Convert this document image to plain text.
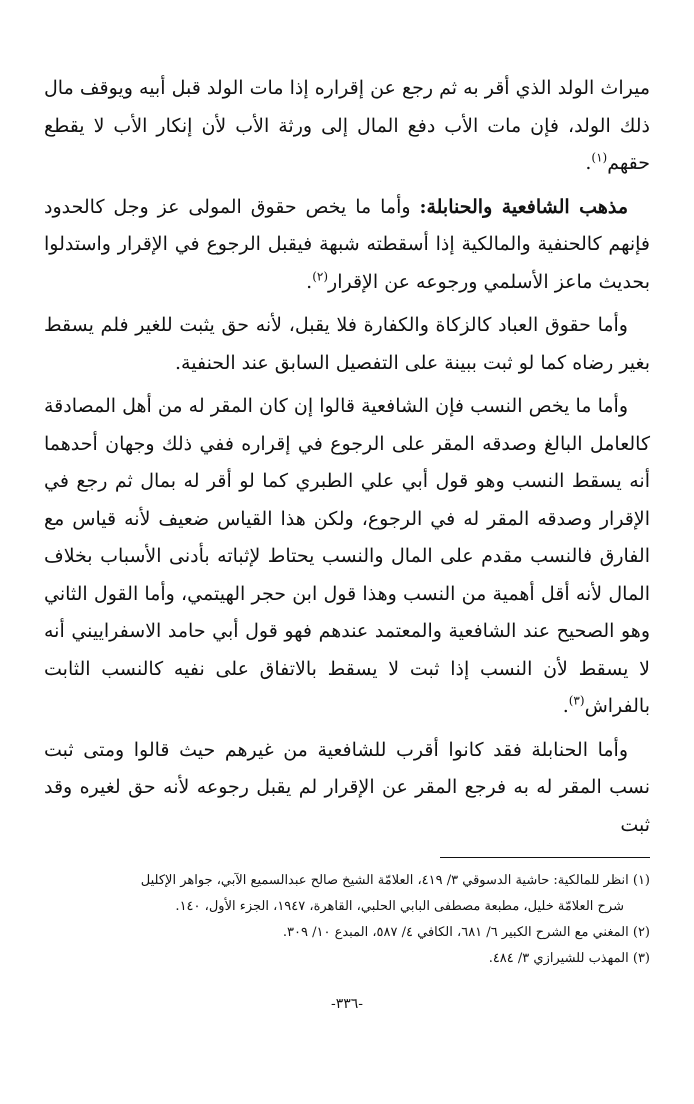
ميراث الولد الذي أقر به ثم رجع عن إقراره إذا مات الولد قبل أبيه ويوقف مال ذلك الولد، فإن مات الأب دفع المال إلى ورثة الأب لأن إنكار الأب لا يقطع حقهم$^{(١)}$.

مذهب الشافعية والحنابلة: وأما ما يخص حقوق المولى عز وجل كالحدود فإنهم كالحنفية والمالكية إذا أسقطته شبهة فيقبل الرجوع في الإقرار واستدلوا بحديث ماعز الأسلمي ورجوعه عن الإقرار$^{(٢)}$.

وأما حقوق العباد كالزكاة والكفارة فلا يقبل، لأنه حق يثبت للغير فلم يسقط بغير رضاه كما لو ثبت ببينة على التفصيل السابق عند الحنفية.

وأما ما يخص النسب فإن الشافعية قالوا إن كان المقر له من أهل المصادقة كالعامل البالغ وصدقه المقر على الرجوع في إقراره ففي ذلك وجهان أحدهما أنه يسقط النسب وهو قول أبي علي الطبري كما لو أقر له بمال ثم رجع في الإقرار وصدقه المقر له في الرجوع، ولكن هذا القياس ضعيف لأنه قياس مع الفارق فالنسب مقدم على المال والنسب يحتاط لإثباته بأدنى الأسباب بخلاف المال لأنه أقل أهمية من النسب وهذا قول ابن حجر الهيتمي، وأما القول الثاني وهو الصحيح عند الشافعية والمعتمد عندهم فهو قول أبي حامد الاسفراييني أنه لا يسقط لأن النسب إذا ثبت لا يسقط بالاتفاق على نفيه كالنسب الثابت بالفراش$^{(٣)}$.

وأما الحنابلة فقد كانوا أقرب للشافعية من غيرهم حيث قالوا ومتى ثبت نسب المقر له به فرجع المقر عن الإقرار لم يقبل رجوعه لأنه حق لغيره وقد ثبت

(١) انظر للمالكية: حاشية الدسوقي ٣/ ٤١٩، العلامّة الشيخ صالح عبدالسميع الآبي، جواهر الإكليل

شرح العلامّة خليل، مطبعة مصطفى البابي الحلبي، القاهرة، ١٩٤٧، الجزء الأول، ١٤٠.

(٢) المغني مع الشرح الكبير ٦/ ٦٨١، الكافي ٤/ ٥٨٧، المبدع ١٠/ ٣٠٩.

(٣) المهذب للشيرازي ٣/ ٤٨٤.

-٣٣٦-
